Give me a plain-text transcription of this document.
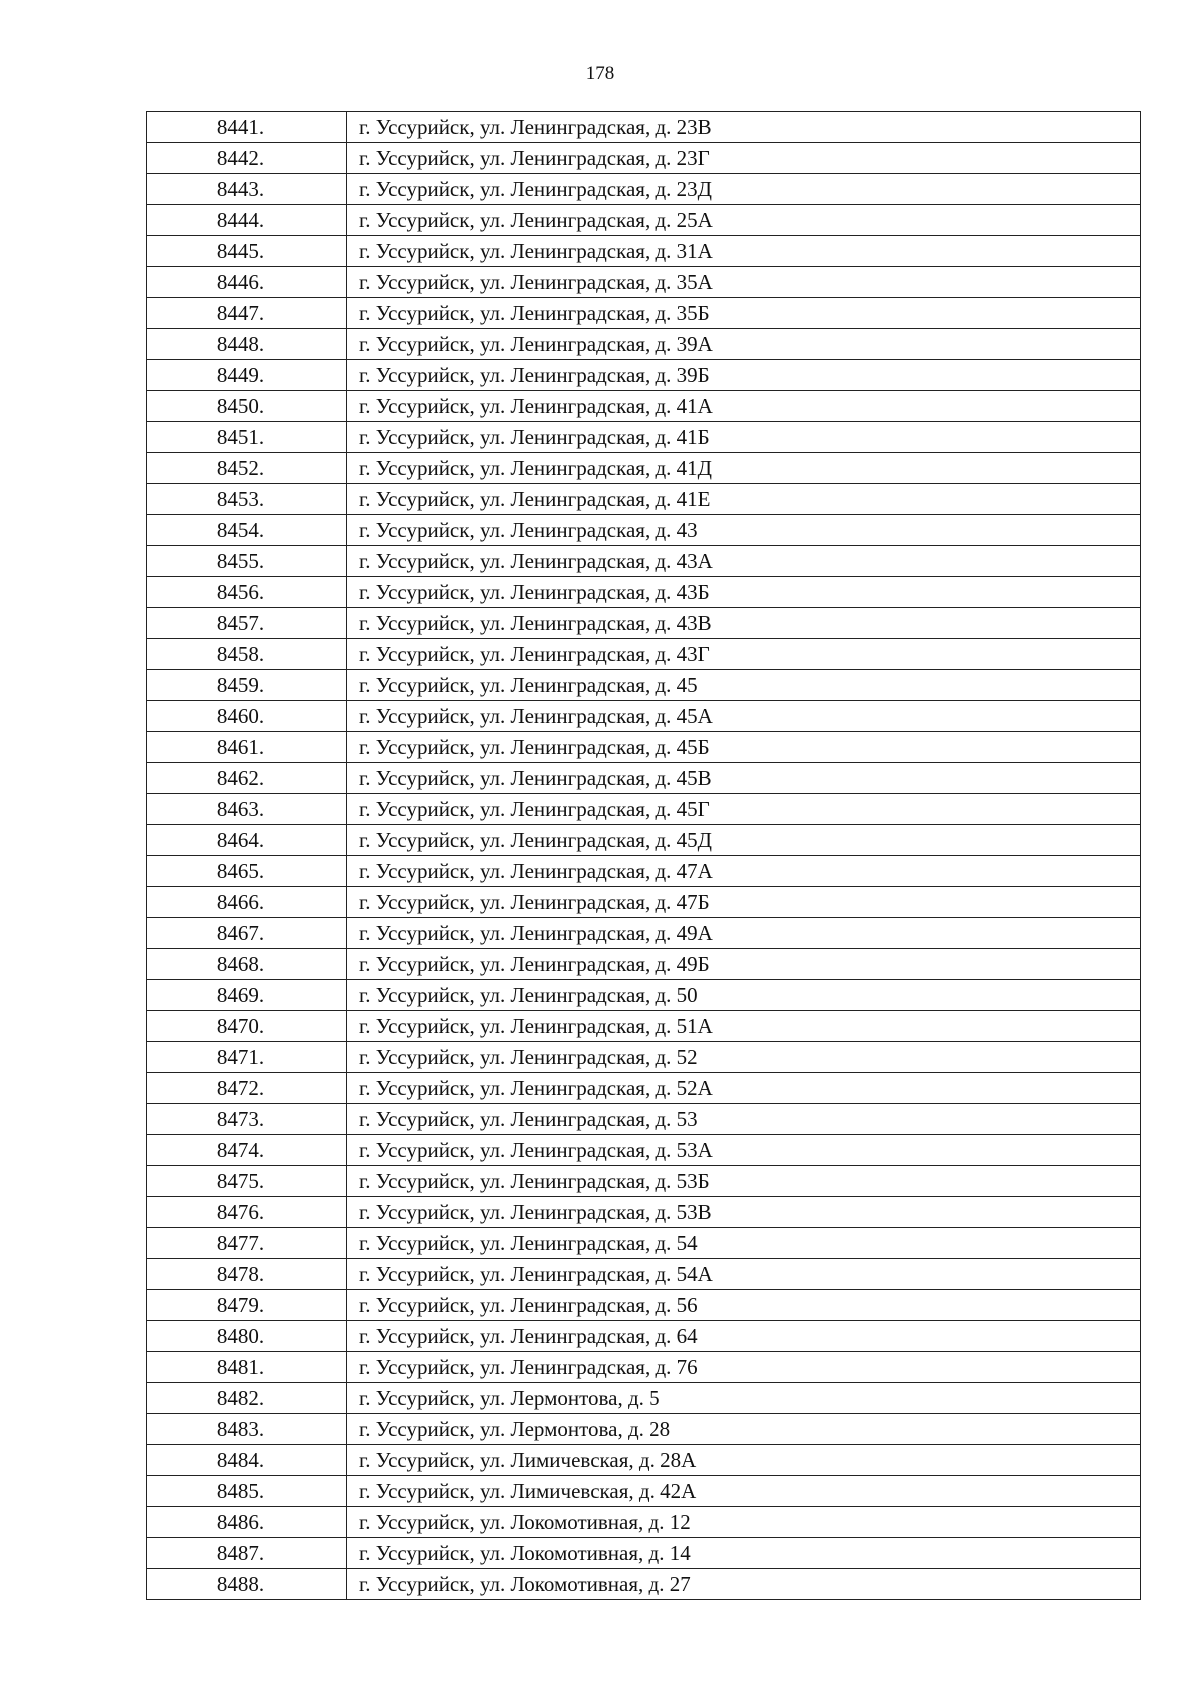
178
8441.	г. Уссурийск, ул. Ленинградская, д. 23В
8442.	г. Уссурийск, ул. Ленинградская, д. 23Г
8443.	г. Уссурийск, ул. Ленинградская, д. 23Д
8444.	г. Уссурийск, ул. Ленинградская, д. 25А
8445.	г. Уссурийск, ул. Ленинградская, д. 31А
8446.	г. Уссурийск, ул. Ленинградская, д. 35А
8447.	г. Уссурийск, ул. Ленинградская, д. 35Б
8448.	г. Уссурийск, ул. Ленинградская, д. 39А
8449.	г. Уссурийск, ул. Ленинградская, д. 39Б
8450.	г. Уссурийск, ул. Ленинградская, д. 41А
8451.	г. Уссурийск, ул. Ленинградская, д. 41Б
8452.	г. Уссурийск, ул. Ленинградская, д. 41Д
8453.	г. Уссурийск, ул. Ленинградская, д. 41Е
8454.	г. Уссурийск, ул. Ленинградская, д. 43
8455.	г. Уссурийск, ул. Ленинградская, д. 43А
8456.	г. Уссурийск, ул. Ленинградская, д. 43Б
8457.	г. Уссурийск, ул. Ленинградская, д. 43В
8458.	г. Уссурийск, ул. Ленинградская, д. 43Г
8459.	г. Уссурийск, ул. Ленинградская, д. 45
8460.	г. Уссурийск, ул. Ленинградская, д. 45А
8461.	г. Уссурийск, ул. Ленинградская, д. 45Б
8462.	г. Уссурийск, ул. Ленинградская, д. 45В
8463.	г. Уссурийск, ул. Ленинградская, д. 45Г
8464.	г. Уссурийск, ул. Ленинградская, д. 45Д
8465.	г. Уссурийск, ул. Ленинградская, д. 47А
8466.	г. Уссурийск, ул. Ленинградская, д. 47Б
8467.	г. Уссурийск, ул. Ленинградская, д. 49А
8468.	г. Уссурийск, ул. Ленинградская, д. 49Б
8469.	г. Уссурийск, ул. Ленинградская, д. 50
8470.	г. Уссурийск, ул. Ленинградская, д. 51А
8471.	г. Уссурийск, ул. Ленинградская, д. 52
8472.	г. Уссурийск, ул. Ленинградская, д. 52А
8473.	г. Уссурийск, ул. Ленинградская, д. 53
8474.	г. Уссурийск, ул. Ленинградская, д. 53А
8475.	г. Уссурийск, ул. Ленинградская, д. 53Б
8476.	г. Уссурийск, ул. Ленинградская, д. 53В
8477.	г. Уссурийск, ул. Ленинградская, д. 54
8478.	г. Уссурийск, ул. Ленинградская, д. 54А
8479.	г. Уссурийск, ул. Ленинградская, д. 56
8480.	г. Уссурийск, ул. Ленинградская, д. 64
8481.	г. Уссурийск, ул. Ленинградская, д. 76
8482.	г. Уссурийск, ул. Лермонтова, д. 5
8483.	г. Уссурийск, ул. Лермонтова, д. 28
8484.	г. Уссурийск, ул. Лимичевская, д. 28А
8485.	г. Уссурийск, ул. Лимичевская, д. 42А
8486.	г. Уссурийск, ул. Локомотивная, д. 12
8487.	г. Уссурийск, ул. Локомотивная, д. 14
8488.	г. Уссурийск, ул. Локомотивная, д. 27
